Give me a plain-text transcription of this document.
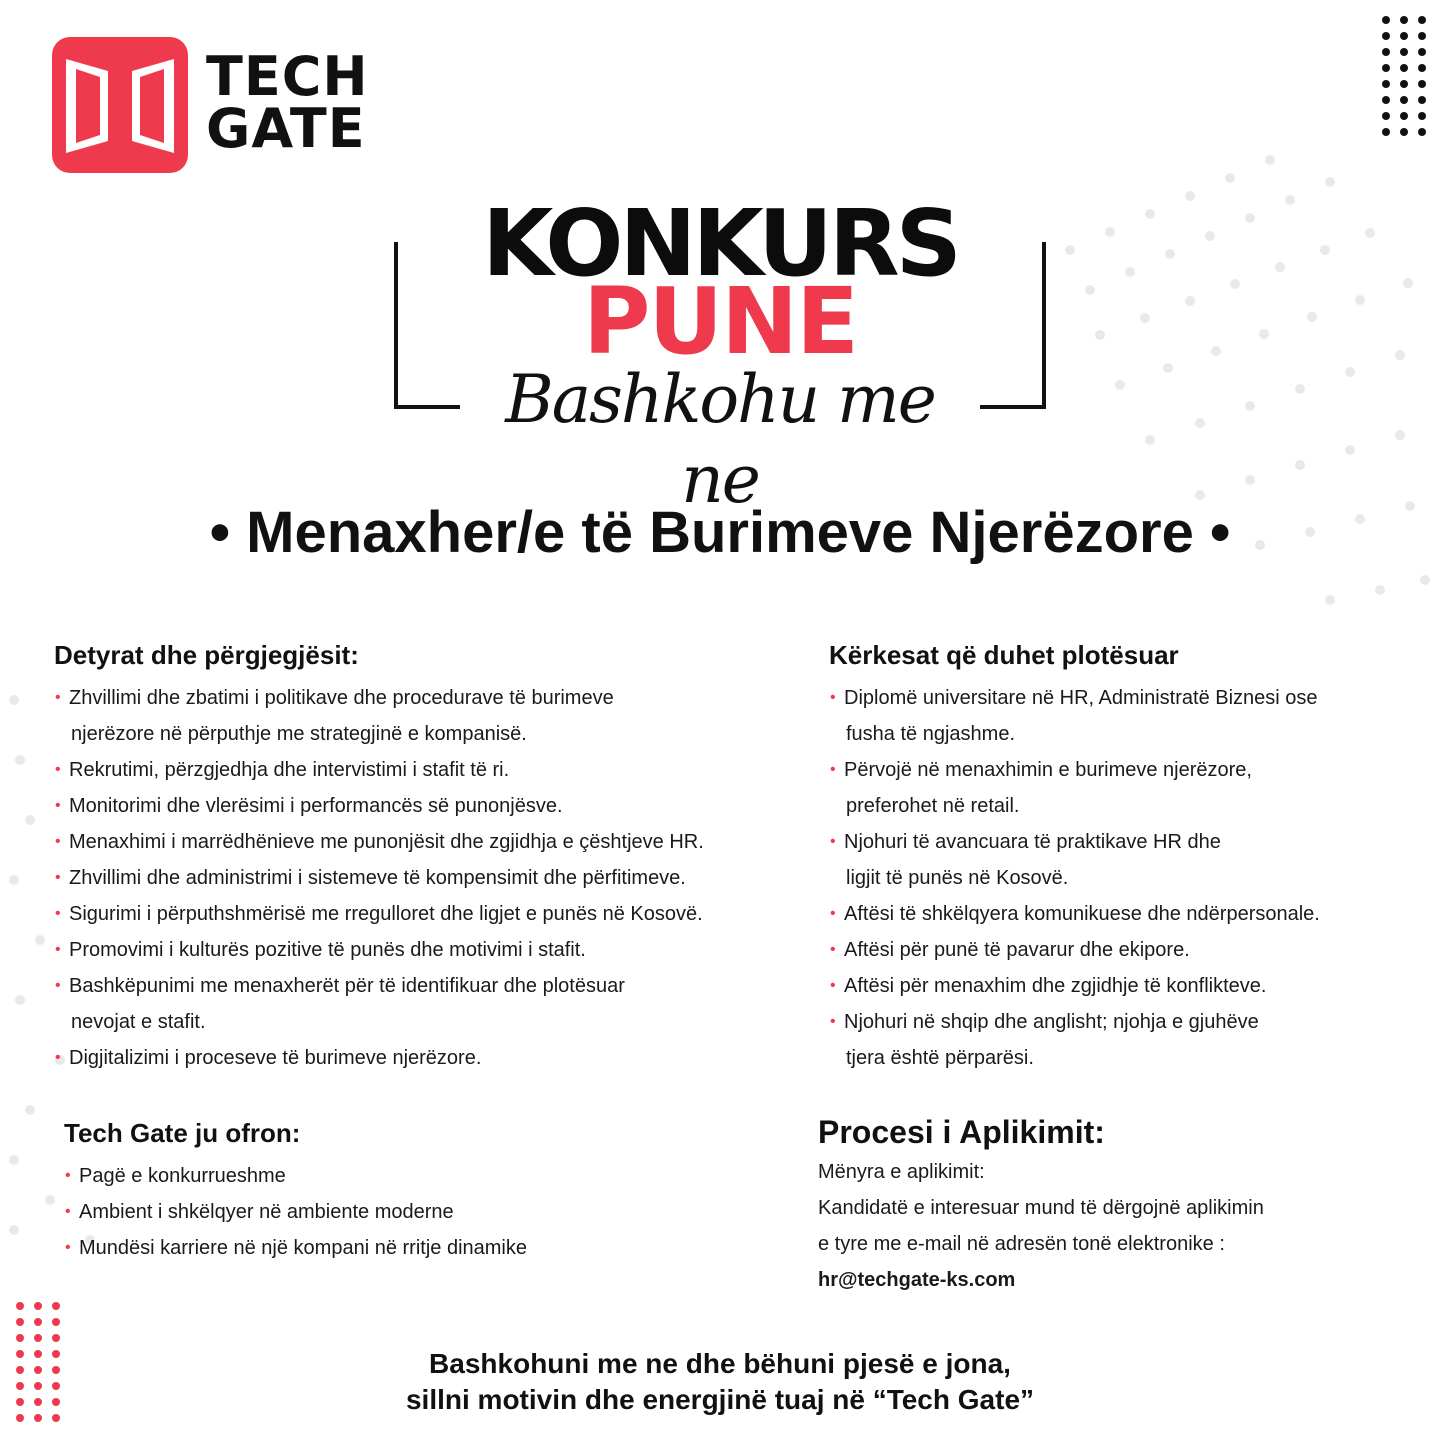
TECH
GATE
KONKURS
PUNE
Bashkohu me ne
• Menaxher/e të Burimeve Njerëzore •
Detyrat dhe përgjegjësit:
• Zhvillimi dhe zbatimi i politikave dhe procedurave të burimeve
njerëzore në përputhje me strategjinë e kompanisë.
• Rekrutimi, përzgjedhja dhe intervistimi i stafit të ri.
• Monitorimi dhe vlerësimi i performancës së punonjësve.
• Menaxhimi i marrëdhënieve me punonjësit dhe zgjidhja e çështjeve HR.
• Zhvillimi dhe administrimi i sistemeve të kompensimit dhe përfitimeve.
• Sigurimi i përputhshmërisë me rregulloret dhe ligjet e punës në Kosovë.
• Promovimi i kulturës pozitive të punës dhe motivimi i stafit.
• Bashkëpunimi me menaxherët për të identifikuar dhe plotësuar
nevojat e stafit.
• Digjitalizimi i proceseve të burimeve njerëzore.
Kërkesat që duhet plotësuar
• Diplomë universitare në HR, Administratë Biznesi ose
fusha të ngjashme.
• Përvojë në menaxhimin e burimeve njerëzore,
preferohet në retail.
• Njohuri të avancuara të praktikave HR dhe
ligjit të punës në Kosovë.
• Aftësi të shkëlqyera komunikuese dhe ndërpersonale.
• Aftësi për punë të pavarur dhe ekipore.
• Aftësi për menaxhim dhe zgjidhje të konflikteve.
• Njohuri në shqip dhe anglisht; njohja e gjuhëve
tjera është përparësi.
Tech Gate ju ofron:
• Pagë e konkurrueshme
• Ambient i shkëlqyer në ambiente moderne
• Mundësi karriere në një kompani në rritje dinamike
Procesi i Aplikimit:

Mënyra e aplikimit:

Kandidatë e interesuar mund të dërgojnë aplikimin

e tyre me e-mail në adresën tonë elektronike :

hr@techgate-ks.com

Bashkohuni me ne dhe bëhuni pjesë e jona,
sillni motivin dhe energjinë tuaj në “Tech Gate”
